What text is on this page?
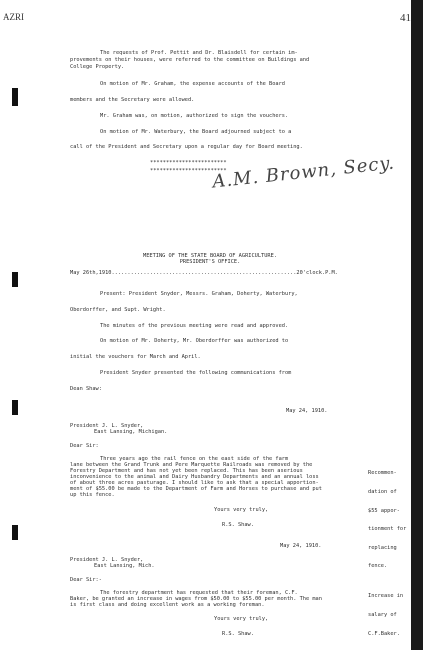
AZRI	41
The requests of Prof. Pettit and Dr. Blaisdell for certain im-
provements on their houses, were referred to the committee on Buildings and
College Property.
On motion of Mr. Graham, the expense accounts of the Board
members and the Secretary were allowed.
Mr. Graham was, on motion, authorized to sign the vouchers.
On motion of Mr. Waterbury, the Board adjourned subject to a
call of the President and Secretary upon a regular day for Board meeting.
************************
************************
A.M. Brown, Secy.
MEETING OF THE STATE BOARD OF AGRICULTURE.
PRESIDENT'S OFFICE.
May 26th,1910..........................................................20'clock.P.M.
Present: President Snyder, Messrs. Graham, Doherty, Waterbury,
Oberdorffer, and Supt. Wright.
The minutes of the previous meeting were read and approved.
On motion of Mr. Doherty, Mr. Oberdorffer was authorized to
initial the vouchers for March and April.
President Snyder presented the following communications from
Dean Shaw:
May 24, 1910.
President J. L. Snyder,
East Lansing, Michigan.
Dear Sir:
Three years ago the rail fence on the east side of the farm
lane between the Grand Trunk and Pere Marquette Railroads was removed by the
Forestry Department and has not yet been replaced. This has been aserious
inconvenience to the animal and Dairy Husbandry Departments and an annual loss
of about three acres pasturage. I should like to ask that a special apportion-
ment of $55.00 be made to the Department of Farm and Horses to purchase and put
up this fence.
Yours very truly,
R.S. Shaw.

Recommen-

dation of

$55 appor-

tionment for

replacing

fence.

May 24, 1910.
President J. L. Snyder,
East Lansing, Mich.
Dear Sir:-
The forestry department has requested that their foreman, C.F.
Baker, be granted an increase in wages from $50.00 to $55.00 per month. The man
is first class and doing excellent work as a working foreman.
Yours very truly,
R.S. Shaw.

Increase in

salary of

C.F.Baker.
